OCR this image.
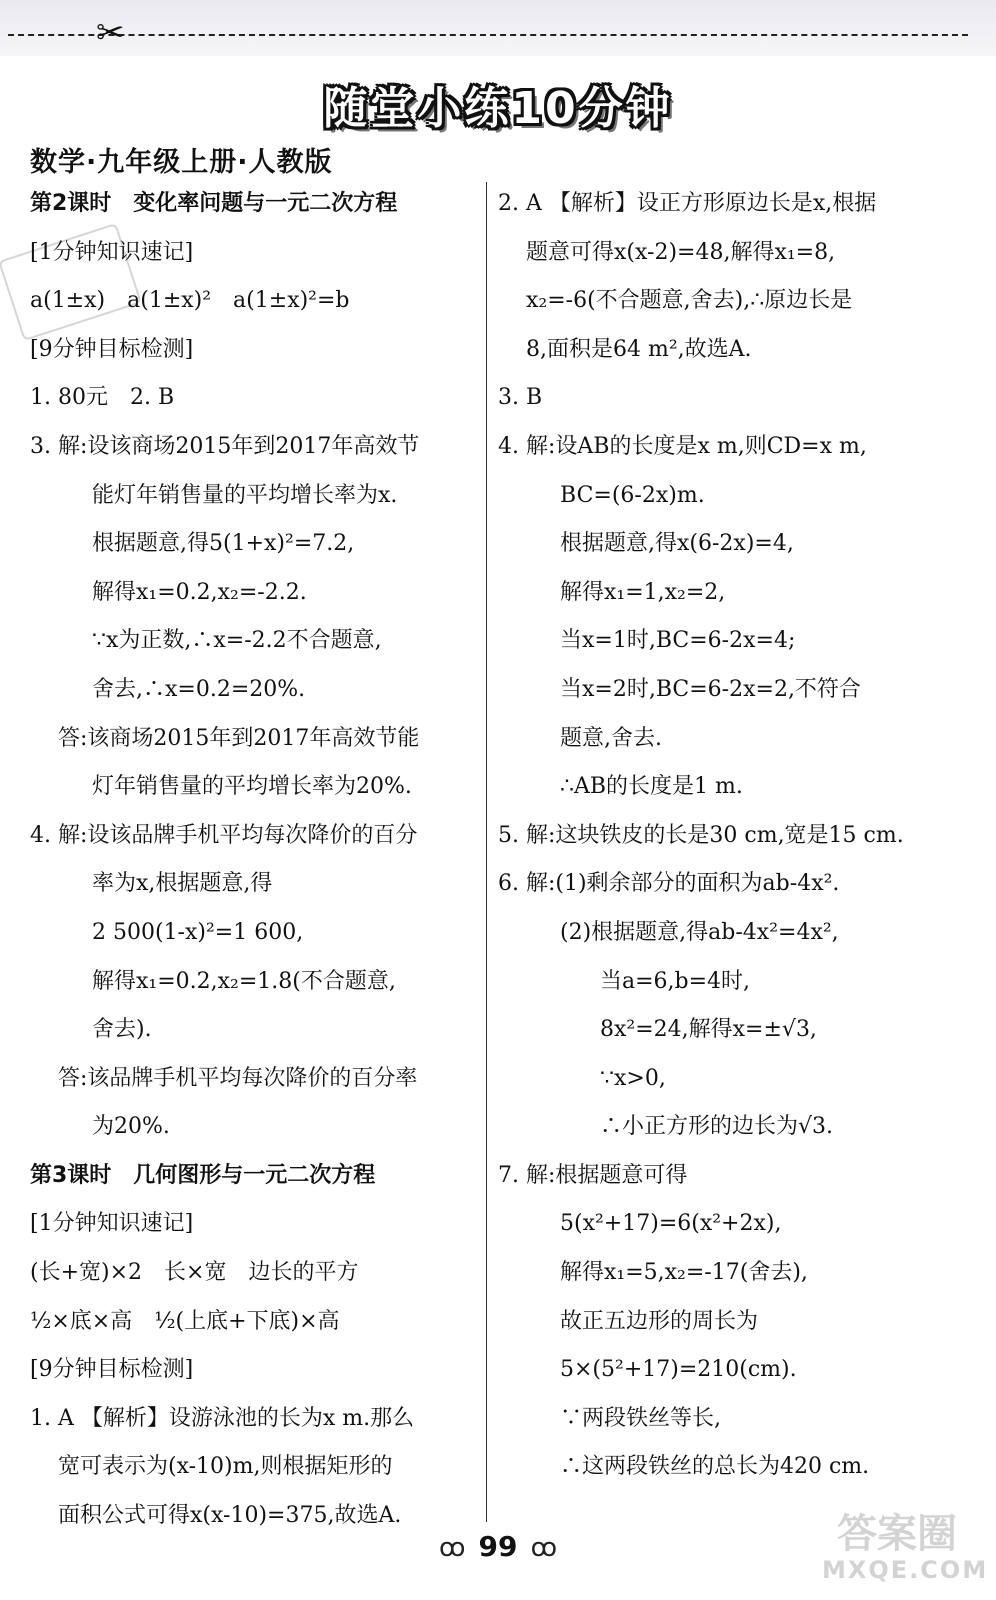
✂
随堂小练10分钟
数学·九年级上册·人教版
第2课时　变化率问题与一元二次方程
[1分钟知识速记]
a(1±x)　a(1±x)²　a(1±x)²=b
[9分钟目标检测]
1. 80元　2. B
3. 解:设该商场2015年到2017年高效节
能灯年销售量的平均增长率为x.
根据题意,得5(1+x)²=7.2,
解得x₁=0.2,x₂=-2.2.
∵x为正数,∴x=-2.2不合题意,
舍去,∴x=0.2=20%.
答:该商场2015年到2017年高效节能
灯年销售量的平均增长率为20%.
4. 解:设该品牌手机平均每次降价的百分
率为x,根据题意,得
2 500(1-x)²=1 600,
解得x₁=0.2,x₂=1.8(不合题意,
舍去).
答:该品牌手机平均每次降价的百分率
为20%.
第3课时　几何图形与一元二次方程
[1分钟知识速记]
(长+宽)×2　长×宽　边长的平方
½×底×高　½(上底+下底)×高
[9分钟目标检测]
1. A 【解析】设游泳池的长为x m.那么
宽可表示为(x-10)m,则根据矩形的
面积公式可得x(x-10)=375,故选A.
2. A 【解析】设正方形原边长是x,根据
题意可得x(x-2)=48,解得x₁=8,
x₂=-6(不合题意,舍去),∴原边长是
8,面积是64 m²,故选A.
3. B
4. 解:设AB的长度是x m,则CD=x m,
BC=(6-2x)m.
根据题意,得x(6-2x)=4,
解得x₁=1,x₂=2,
当x=1时,BC=6-2x=4;
当x=2时,BC=6-2x=2,不符合
题意,舍去.
∴AB的长度是1 m.
5. 解:这块铁皮的长是30 cm,宽是15 cm.
6. 解:(1)剩余部分的面积为ab-4x².
(2)根据题意,得ab-4x²=4x²,
当a=6,b=4时,
8x²=24,解得x=±√3,
∵x>0,
∴小正方形的边长为√3.
7. 解:根据题意可得
5(x²+17)=6(x²+2x),
解得x₁=5,x₂=-17(舍去),
故正五边形的周长为
5×(5²+17)=210(cm).
∵两段铁丝等长,
∴这两段铁丝的总长为420 cm.
ꝏ 99 ꝏ	答案圈
MXQE.COM
